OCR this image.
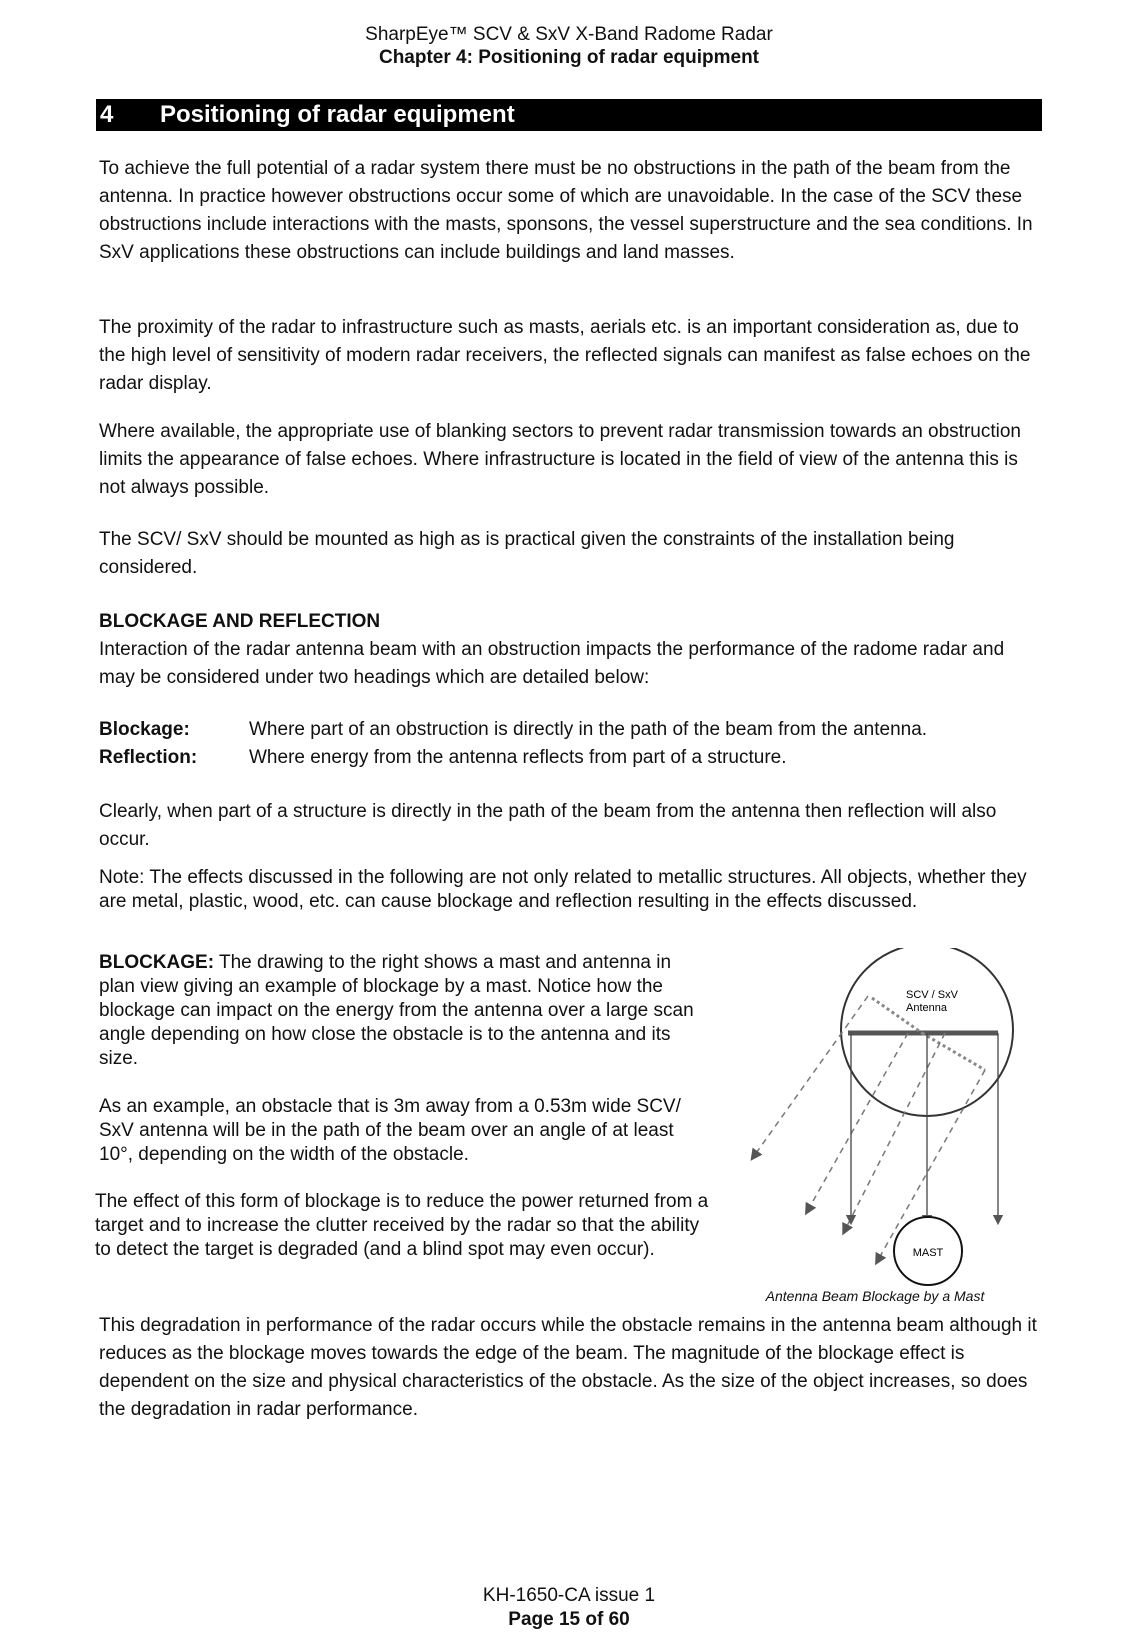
SharpEye™ SCV & SxV X-Band Radome Radar
Chapter 4: Positioning of radar equipment
4 Positioning of radar equipment

To achieve the full potential of a radar system there must be no obstructions in the path of the beam from the antenna. In practice however obstructions occur some of which are unavoidable. In the case of the SCV these obstructions include interactions with the masts, sponsons, the vessel superstructure and the sea conditions. In SxV applications these obstructions can include buildings and land masses.

The proximity of the radar to infrastructure such as masts, aerials etc. is an important consideration as, due to the high level of sensitivity of modern radar receivers, the reflected signals can manifest as false echoes on the radar display.

Where available, the appropriate use of blanking sectors to prevent radar transmission towards an obstruction limits the appearance of false echoes. Where infrastructure is located in the field of view of the antenna this is not always possible.

The SCV/ SxV should be mounted as high as is practical given the constraints of the installation being considered.

BLOCKAGE AND REFLECTION

Interaction of the radar antenna beam with an obstruction impacts the performance of the radome radar and may be considered under two headings which are detailed below:

Blockage:	Where part of an obstruction is directly in the path of the beam from the antenna.
Reflection:	Where energy from the antenna reflects from part of a structure.

Clearly, when part of a structure is directly in the path of the beam from the antenna then reflection will also occur.

Note: The effects discussed in the following are not only related to metallic structures. All objects, whether they are metal, plastic, wood, etc. can cause blockage and reflection resulting in the effects discussed.

BLOCKAGE: The drawing to the right shows a mast and antenna in plan view giving an example of blockage by a mast. Notice how the blockage can impact on the energy from the antenna over a large scan angle depending on how close the obstacle is to the antenna and its size.

As an example, an obstacle that is 3m away from a 0.53m wide SCV/ SxV antenna will be in the path of the beam over an angle of at least 10°, depending on the width of the obstacle.

The effect of this form of blockage is to reduce the power returned from a target and to increase the clutter received by the radar so that the ability to detect the target is degraded (and a blind spot may even occur).	MAST
SCV / SxV
Antenna
Antenna Beam Blockage by a Mast

This degradation in performance of the radar occurs while the obstacle remains in the antenna beam although it reduces as the blockage moves towards the edge of the beam. The magnitude of the blockage effect is dependent on the size and physical characteristics of the obstacle. As the size of the object increases, so does the degradation in radar performance.

KH-1650-CA issue 1
Page 15 of 60
